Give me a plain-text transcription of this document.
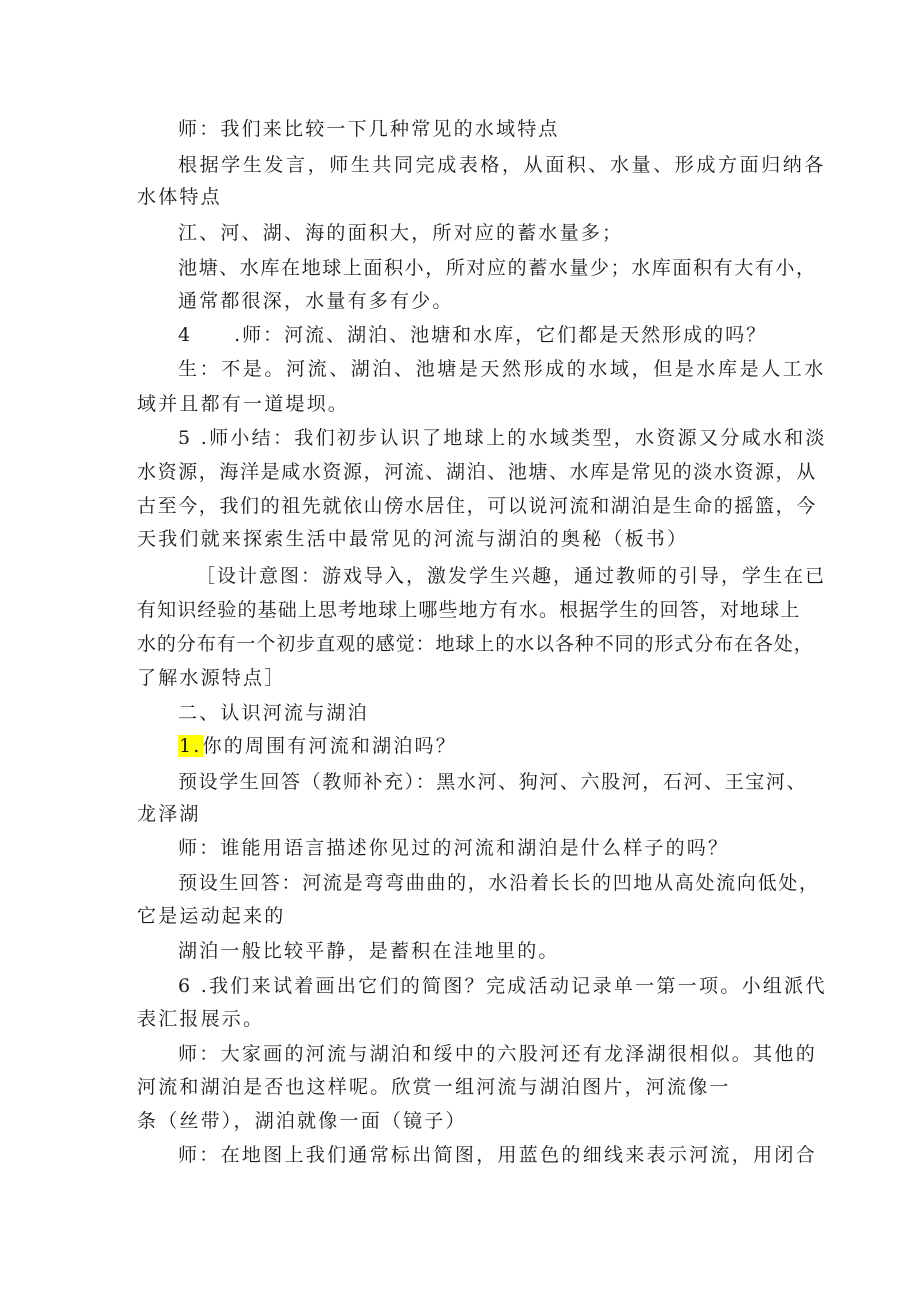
师：我们来比较一下几种常见的水域特点
根据学生发言，师生共同完成表格，从面积、水量、形成方面归纳各
水体特点
江、河、湖、海的面积大，所对应的蓄水量多；
池塘、水库在地球上面积小，所对应的蓄水量少；水库面积有大有小，
通常都很深，水量有多有少。
4　　.师：河流、湖泊、池塘和水库，它们都是天然形成的吗？
生：不是。河流、湖泊、池塘是天然形成的水域，但是水库是人工水
域并且都有一道堤坝。
5 .师小结：我们初步认识了地球上的水域类型，水资源又分咸水和淡
水资源，海洋是咸水资源，河流、湖泊、池塘、水库是常见的淡水资源，从
古至今，我们的祖先就依山傍水居住，可以说河流和湖泊是生命的摇篮，今
天我们就来探索生活中最常见的河流与湖泊的奥秘（板书）
［设计意图：游戏导入，激发学生兴趣，通过教师的引导，学生在已
有知识经验的基础上思考地球上哪些地方有水。根据学生的回答，对地球上
水的分布有一个初步直观的感觉：地球上的水以各种不同的形式分布在各处，
了解水源特点］
二、认识河流与湖泊
1.你的周围有河流和湖泊吗？
预设学生回答（教师补充）：黑水河、狗河、六股河，石河、王宝河、
龙泽湖
师：谁能用语言描述你见过的河流和湖泊是什么样子的吗？
预设生回答：河流是弯弯曲曲的，水沿着长长的凹地从高处流向低处，
它是运动起来的
湖泊一般比较平静，是蓄积在洼地里的。
6 .我们来试着画出它们的简图？完成活动记录单一第一项。小组派代
表汇报展示。
师：大家画的河流与湖泊和绥中的六股河还有龙泽湖很相似。其他的
河流和湖泊是否也这样呢。欣赏一组河流与湖泊图片，河流像一
条（丝带），湖泊就像一面（镜子）
师：在地图上我们通常标出简图，用蓝色的细线来表示河流，用闭合
